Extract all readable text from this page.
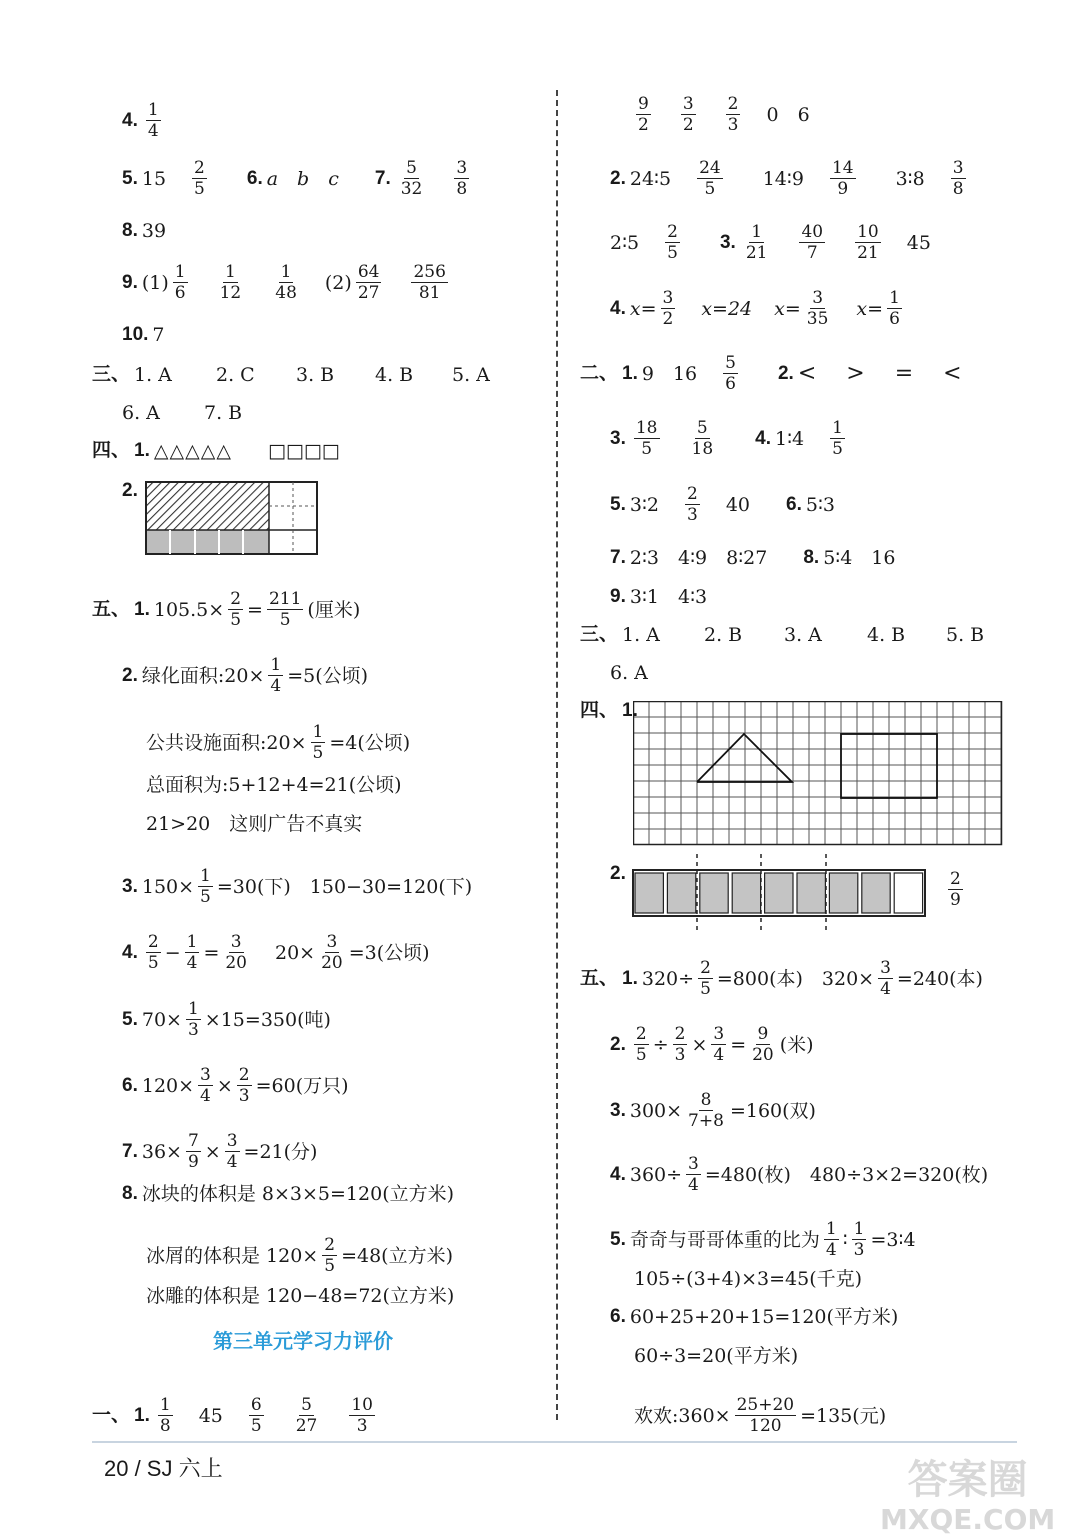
4. 1
4
5. 15 2
5
6. a　b　c 7. 5
32
3
8
8. 39
9. (1) 1
6
1
12
1
48 (2) 64
27
256
81
10. 7
三、 1. A	2. C	3. B	4. B	5. A
6. A	7. B
四、 1. △△△△△ □□□□
2.
五、 1. $105.5\times \frac{2}{5} = \frac{211}{5}$ (厘米)
2. 绿化面积:20× $\frac{1}{4} =5$(公顷)
公共设施面积:20× $\frac{1}{5} =4$(公顷)
总面积为:5+12+4=21(公顷)
21>20　这则广告不真实
3. $150\times \frac{1}{5} =30$(下)　150−30=120(下)
4. 2
$5 - \frac{1}{4} = \frac{3}{20} 20\times \frac{3}{20} =3$(公顷)
5. $70\times \frac{1}{3} \times 15=350$(吨)
6. $120\times \frac{3}{4} \times \frac{2}{3} =60$(万只)
7. $36\times \frac{7}{9} \times \frac{3}{4} =21$(分)
8. 冰块的体积是 8×3×5=120(立方米)
冰屑的体积是 $120\times \frac{2}{5} =48$(立方米)
冰雕的体积是 120−48=72(立方米)
第三单元学习力评价
一、 1. 1
8 45 6
5
5
27
10
3
9
2
3
2
2
3 0　6
2. 24∶5 24
5 14∶9 14
9 3∶8 3
8
2∶5 2
5
3. 1
21
40
7
10
21 45
4. $x= \frac{3}{2} x=24$ $x= \frac{3}{35} x= \frac{1}{6}$
二、 1. 9　16 5
6
2. <　>　=　<
3. 18
5
5
18
4. 1∶4 1
5
5. 3∶2 2
3 40 6. 5∶3
7. 2∶3　4∶9　8∶27 8. 5∶4　16
9. 3∶1　4∶3
三、 1. A	2. B	3. A	4. B	5. B
6. A
四、 1.
2.	2
9
五、 1. $320\div \frac{2}{5} =800$(本)　$320\times \frac{3}{4} =240$(本)
2. $\frac{2}{5} \div \frac{2}{3} \times \frac{3}{4} = \frac{9}{20}$ (米)
3. $300\times \frac{8}{7+8} =160$(双)
4. $360\div \frac{3}{4} =480$(枚)　480÷3×2=320(枚)
5. 奇奇与哥哥体重的比为 1
4 ∶ $\frac{1}{3}$ =3∶4
105÷(3+4)×3=45(千克)
6. 60+25+20+15=120(平方米)
60÷3=20(平方米)
欢欢:360× $\frac{25+20}{120} =135$(元)
20 / SJ 六上	答案圈
MXQE.COM
